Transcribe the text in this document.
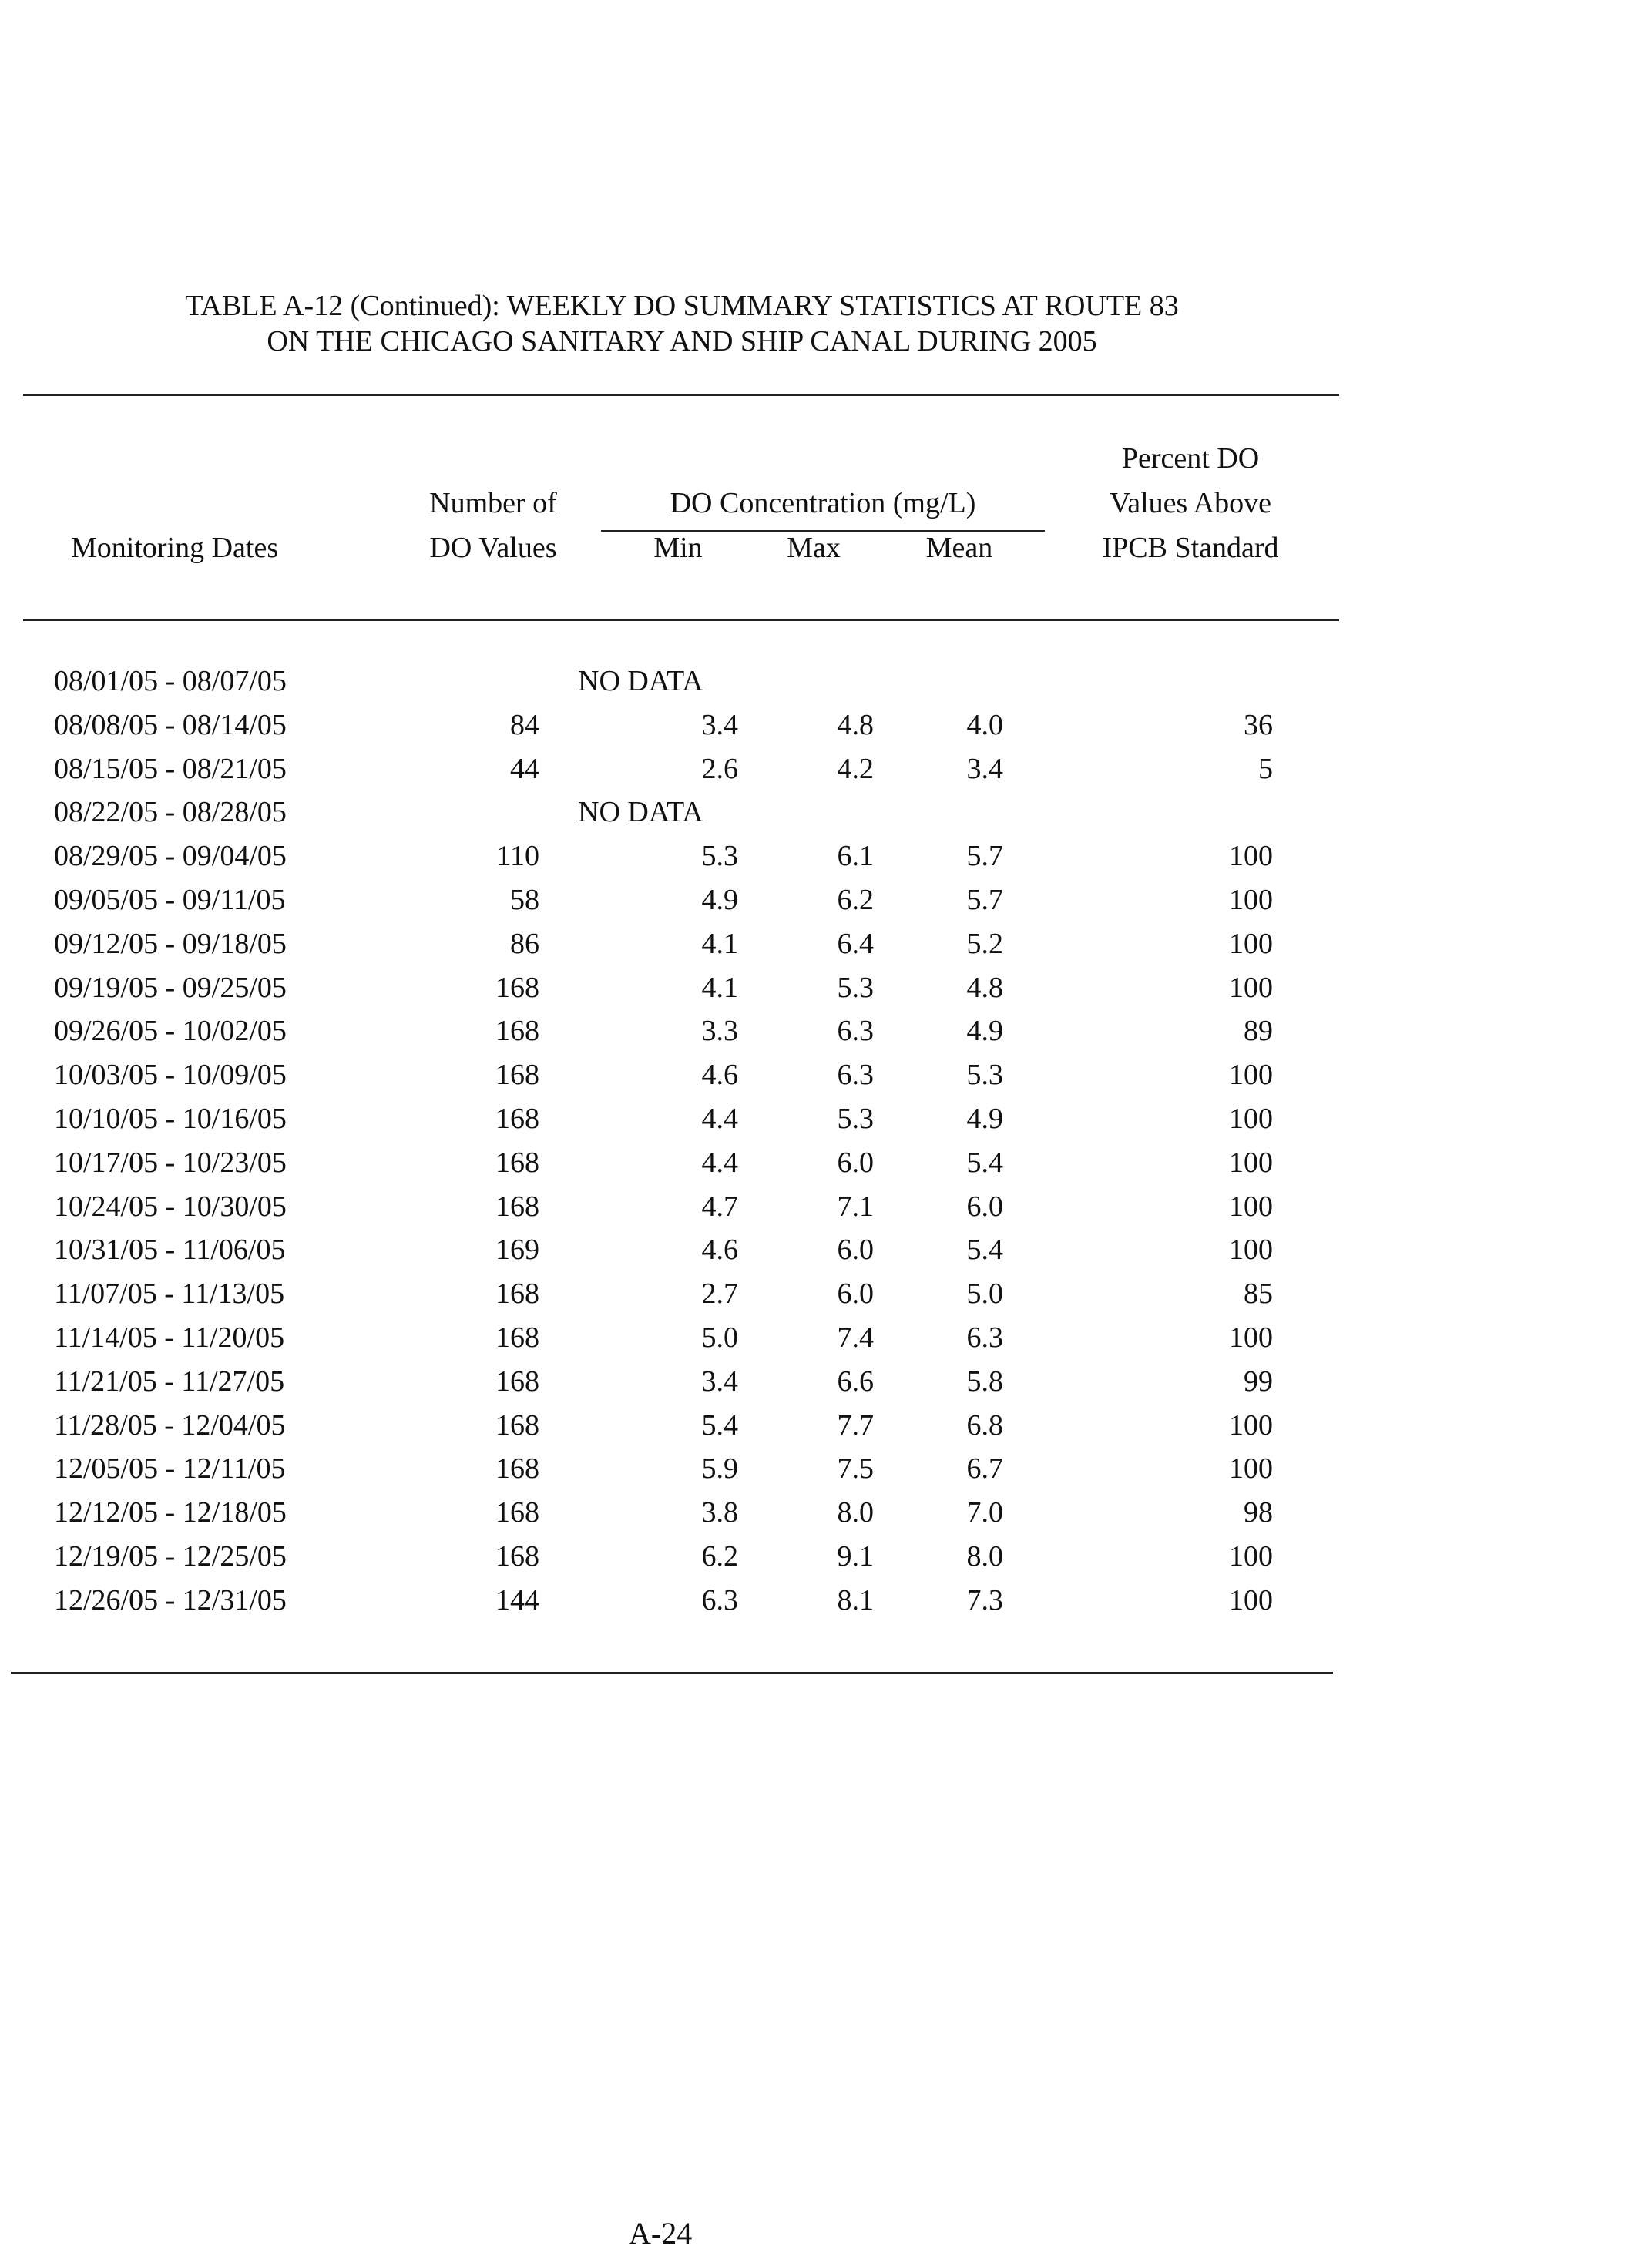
TABLE A-12 (Continued): WEEKLY DO SUMMARY STATISTICS AT ROUTE 83
ON THE CHICAGO SANITARY AND SHIP CANAL DURING 2005
Monitoring Dates
Number of
DO Values
DO Concentration (mg/L)
Min	Max	Mean
Percent DO
Values Above
IPCB Standard
08/01/05 - 08/07/05	NO DATA				
08/08/05 - 08/14/05	84	3.4	4.8	4.0	36
08/15/05 - 08/21/05	44	2.6	4.2	3.4	5
08/22/05 - 08/28/05	NO DATA				
08/29/05 - 09/04/05	110	5.3	6.1	5.7	100
09/05/05 - 09/11/05	58	4.9	6.2	5.7	100
09/12/05 - 09/18/05	86	4.1	6.4	5.2	100
09/19/05 - 09/25/05	168	4.1	5.3	4.8	100
09/26/05 - 10/02/05	168	3.3	6.3	4.9	89
10/03/05 - 10/09/05	168	4.6	6.3	5.3	100
10/10/05 - 10/16/05	168	4.4	5.3	4.9	100
10/17/05 - 10/23/05	168	4.4	6.0	5.4	100
10/24/05 - 10/30/05	168	4.7	7.1	6.0	100
10/31/05 - 11/06/05	169	4.6	6.0	5.4	100
11/07/05 - 11/13/05	168	2.7	6.0	5.0	85
11/14/05 - 11/20/05	168	5.0	7.4	6.3	100
11/21/05 - 11/27/05	168	3.4	6.6	5.8	99
11/28/05 - 12/04/05	168	5.4	7.7	6.8	100
12/05/05 - 12/11/05	168	5.9	7.5	6.7	100
12/12/05 - 12/18/05	168	3.8	8.0	7.0	98
12/19/05 - 12/25/05	168	6.2	9.1	8.0	100
12/26/05 - 12/31/05	144	6.3	8.1	7.3	100
A-24
